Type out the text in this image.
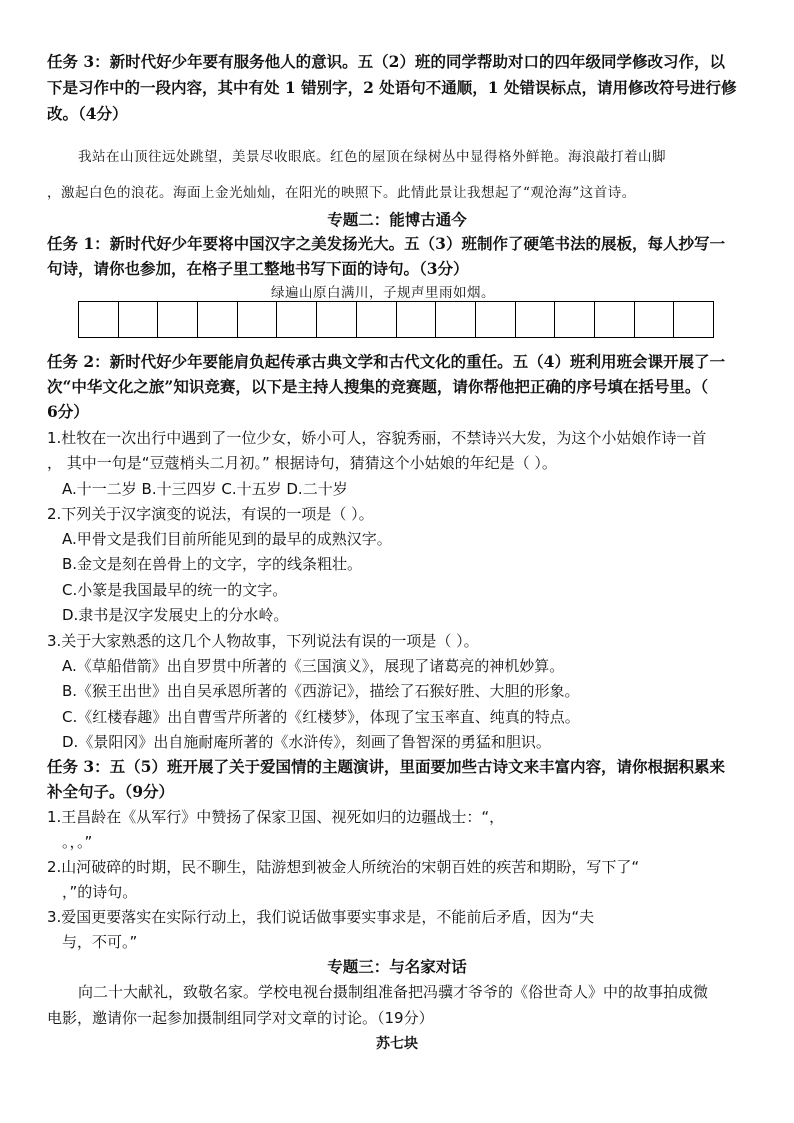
任务 3：新时代好少年要有服务他人的意识。五（2）班的同学帮助对口的四年级同学修改习作，以
下是习作中的一段内容，其中有处 1 错别字，2 处语句不通顺，1 处错误标点，请用修改符号进行修
改。（4分）
我站在山顶往远处跳望，美景尽收眼底。红色的屋顶在绿树丛中显得格外鲜艳。海浪敲打着山脚
，激起白色的浪花。海面上金光灿灿，在阳光的映照下。此情此景让我想起了“观沧海”这首诗。
专题二：能博古通今
任务 1：新时代好少年要将中国汉字之美发扬光大。五（3）班制作了硬笔书法的展板，每人抄写一
句诗，请你也参加，在格子里工整地书写下面的诗句。（3分）
绿遍山原白满川，子规声里雨如烟。
任务 2：新时代好少年要能肩负起传承古典文学和古代文化的重任。五（4）班利用班会课开展了一
次“中华文化之旅”知识竞赛，以下是主持人搜集的竞赛题，请你帮他把正确的序号填在括号里。（
6分）
1.杜牧在一次出行中遇到了一位少女，娇小可人，容貌秀丽，不禁诗兴大发，为这个小姑娘作诗一首
， 其中一句是“豆蔻梢头二月初。” 根据诗句，猜猜这个小姑娘的年纪是（ ）。
A.十一二岁 B.十三四岁 C.十五岁 D.二十岁
2.下列关于汉字演变的说法，有误的一项是（ ）。
A.甲骨文是我们目前所能见到的最早的成熟汉字。
B.金文是刻在兽骨上的文字，字的线条粗壮。
C.小篆是我国最早的统一的文字。
D.隶书是汉字发展史上的分水岭。
3.关于大家熟悉的这几个人物故事，下列说法有误的一项是（ ）。
A.《草船借箭》出自罗贯中所著的《三国演义》，展现了诸葛亮的神机妙算。
B.《猴王出世》出自吴承恩所著的《西游记》，描绘了石猴好胜、大胆的形象。
C.《红楼春趣》出自曹雪芹所著的《红楼梦》，体现了宝玉率直、纯真的特点。
D.《景阳冈》出自施耐庵所著的《水浒传》，刻画了鲁智深的勇猛和胆识。
任务 3：五（5）班开展了关于爱国情的主题演讲，里面要加些古诗文来丰富内容，请你根据积累来
补全句子。（9分）
1.王昌龄在《从军行》中赞扬了保家卫国、视死如归的边疆战士：“，
。，。”
2.山河破碎的时期，民不聊生，陆游想到被金人所统治的宋朝百姓的疾苦和期盼，写下了“
，”的诗句。
3.爱国更要落实在实际行动上，我们说话做事要实事求是，不能前后矛盾，因为“夫
与，不可。”
专题三：与名家对话
向二十大献礼，致敬名家。学校电视台摄制组准备把冯骥才爷爷的《俗世奇人》中的故事拍成微
电影，邀请你一起参加摄制组同学对文章的讨论。（19分）
苏七块
